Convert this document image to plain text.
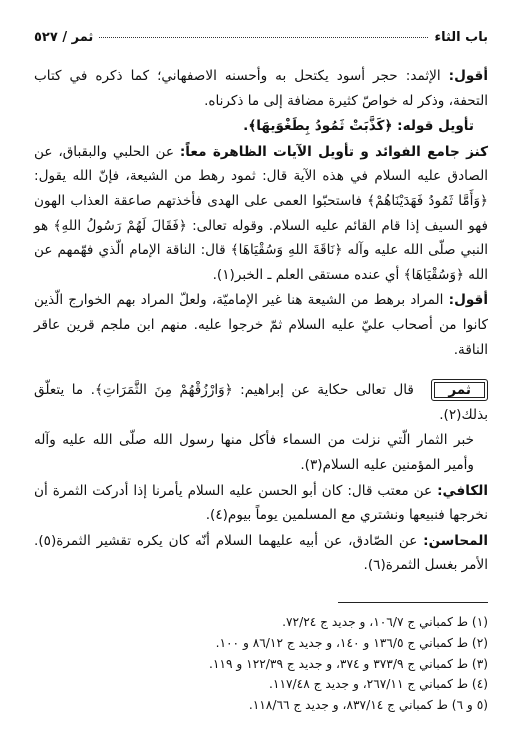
باب الثاء
ثمر / ٥٢٧

أقول: الإثمد: حجر أسود يكتحل به وأحسنه الاصفهاني؛ كما ذكره في كتاب التحفة، وذكر له خواصّ كثيرة مضافة إلى ما ذكرناه.

تأويل قوله: ﴿كَذَّبَتْ ثَمُودُ بِطَغْوَيهَا﴾.

كنز جامع الفوائد و تأويل الآيات الظاهرة معاً: عن الحلبي والبقباق، عن الصادق عليه السلام في هذه الآية قال: ثمود رهط من الشيعة، فإنّ الله يقول: ﴿وَأَمَّا ثَمُودُ فَهَدَيْنَاهُمْ﴾ فاستحبّوا العمى على الهدى فأخذتهم صاعقة العذاب الهون فهو السيف إذا قام القائم عليه السلام. وقوله تعالى: ﴿فَقَالَ لَهُمْ رَسُولُ اللهِ﴾ هو النبي صلّى الله عليه وآله ﴿نَاقَةَ اللهِ وَسُقْيَاهَا﴾ قال: الناقة الإمام الّذي فهّمهم عن الله ﴿وَسُقْيَاهَا﴾ أي عنده مستقى العلم ـ الخبر(١).

أقول: المراد برهط من الشيعة هنا غير الإماميّة، ولعلّ المراد بهم الخوارج الّذين كانوا من أصحاب عليّ عليه السلام ثمّ خرجوا عليه. منهم ابن ملجم قرين عاقر الناقة.

ثمر قال تعالى حكاية عن إبراهيم: ﴿وَارْزُقْهُمْ مِنَ الثَّمَرَاتِ﴾. ما يتعلّق بذلك(٢).

خبر الثمار الّتي نزلت من السماء فأكل منها رسول الله صلّى الله عليه وآله وأمير المؤمنين عليه السلام(٣).

الكافي: عن معتب قال: كان أبو الحسن عليه السلام يأمرنا إذا أدركت الثمرة أن نخرجها فنبيعها ونشتري مع المسلمين يوماً بيوم(٤).

المحاسن: عن الصّادق، عن أبيه عليهما السلام أنّه كان يكره تقشير الثمرة(٥). الأمر بغسل الثمرة(٦).

(١) ط كمباني ج ١٠٦/٧، و جديد ج ٧٢/٢٤.
(٢) ط كمباني ج ١٣٦/٥ و ١٤٠، و جديد ج ٨٦/١٢ و ١٠٠.
(٣) ط كمباني ج ٣٧٣/٩ و ٣٧٤، و جديد ج ١٢٢/٣٩ و ١١٩.
(٤) ط كمباني ج ٢٦٧/١١، و جديد ج ١١٧/٤٨.
(٥ و ٦) ط كمباني ج ٨٣٧/١٤، و جديد ج ١١٨/٦٦.
